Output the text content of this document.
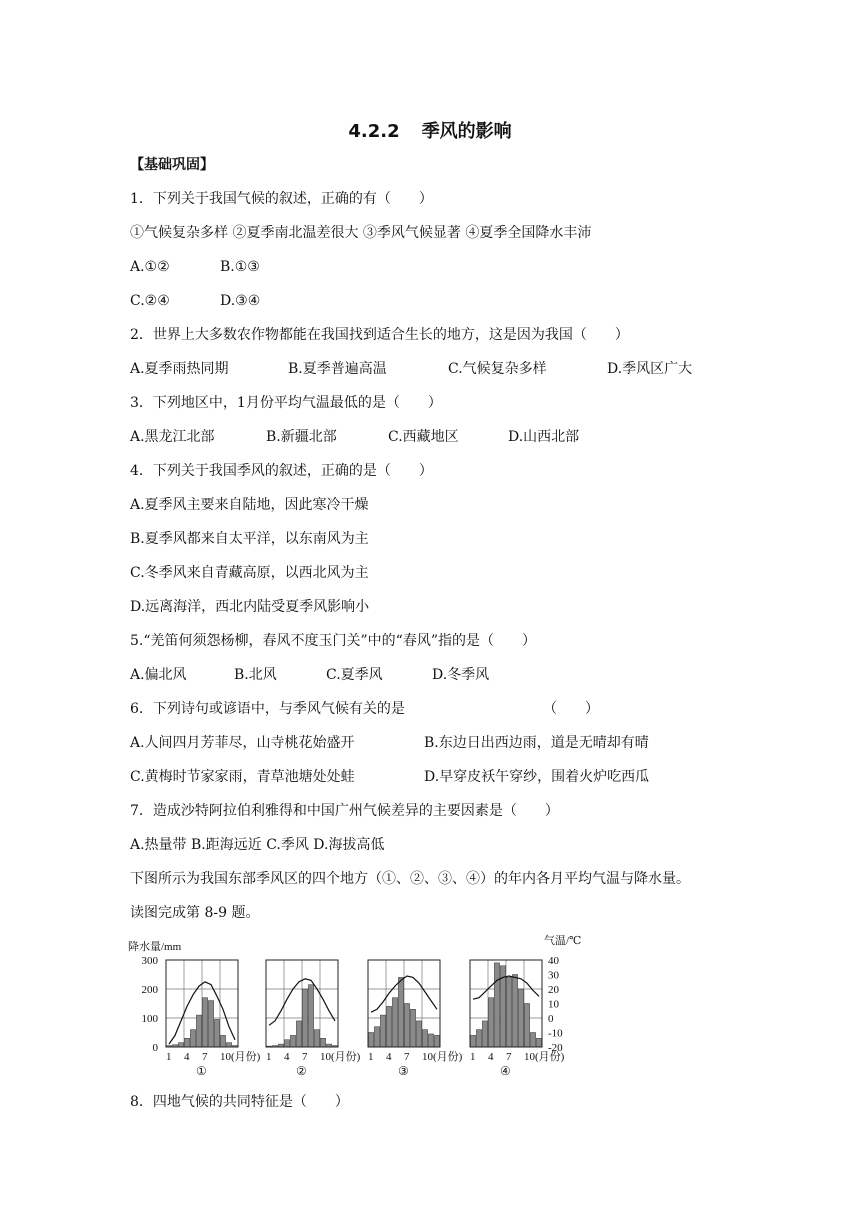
4.2.2 季风的影响
【基础巩固】
1．下列关于我国气候的叙述，正确的有（　　）
①气候复杂多样 ②夏季南北温差很大 ③季风气候显著 ④夏季全国降水丰沛
A.①②	B.①③
C.②④	D.③④
2．世界上大多数农作物都能在我国找到适合生长的地方，这是因为我国（　　）
A.夏季雨热同期	B.夏季普遍高温	C.气候复杂多样	D.季风区广大
3．下列地区中，1月份平均气温最低的是（　　）
A.黑龙江北部	B.新疆北部	C.西藏地区	D.山西北部
4．下列关于我国季风的叙述，正确的是（　　）
A.夏季风主要来自陆地，因此寒冷干燥
B.夏季风都来自太平洋，以东南风为主
C.冬季风来自青藏高原，以西北风为主
D.远离海洋，西北内陆受夏季风影响小
5.“羌笛何须怨杨柳，春风不度玉门关”中的“春风”指的是（　　）
A.偏北风	B.北风	C.夏季风	D.冬季风
6．下列诗句或谚语中，与季风气候有关的是	（　　）
A.人间四月芳菲尽，山寺桃花始盛开	B.东边日出西边雨，道是无晴却有晴
C.黄梅时节家家雨，青草池塘处处蛙	D.早穿皮袄午穿纱，围着火炉吃西瓜
7．造成沙特阿拉伯利雅得和中国广州气候差异的主要因素是（　　）
A.热量带 B.距海远近 C.季风 D.海拔高低
下图所示为我国东部季风区的四个地方（①、②、③、④）的年内各月平均气温与降水量。
读图完成第 8-9 题。
降水量/mm	气温/℃
300
200
100
0
40
30
20
10
0
-10
-20
1 4 7 10(月份)
①
1 4 7 10(月份)
②
1 4 7 10(月份)
③
1 4 7 10(月份)
④
8．四地气候的共同特征是（　　）
